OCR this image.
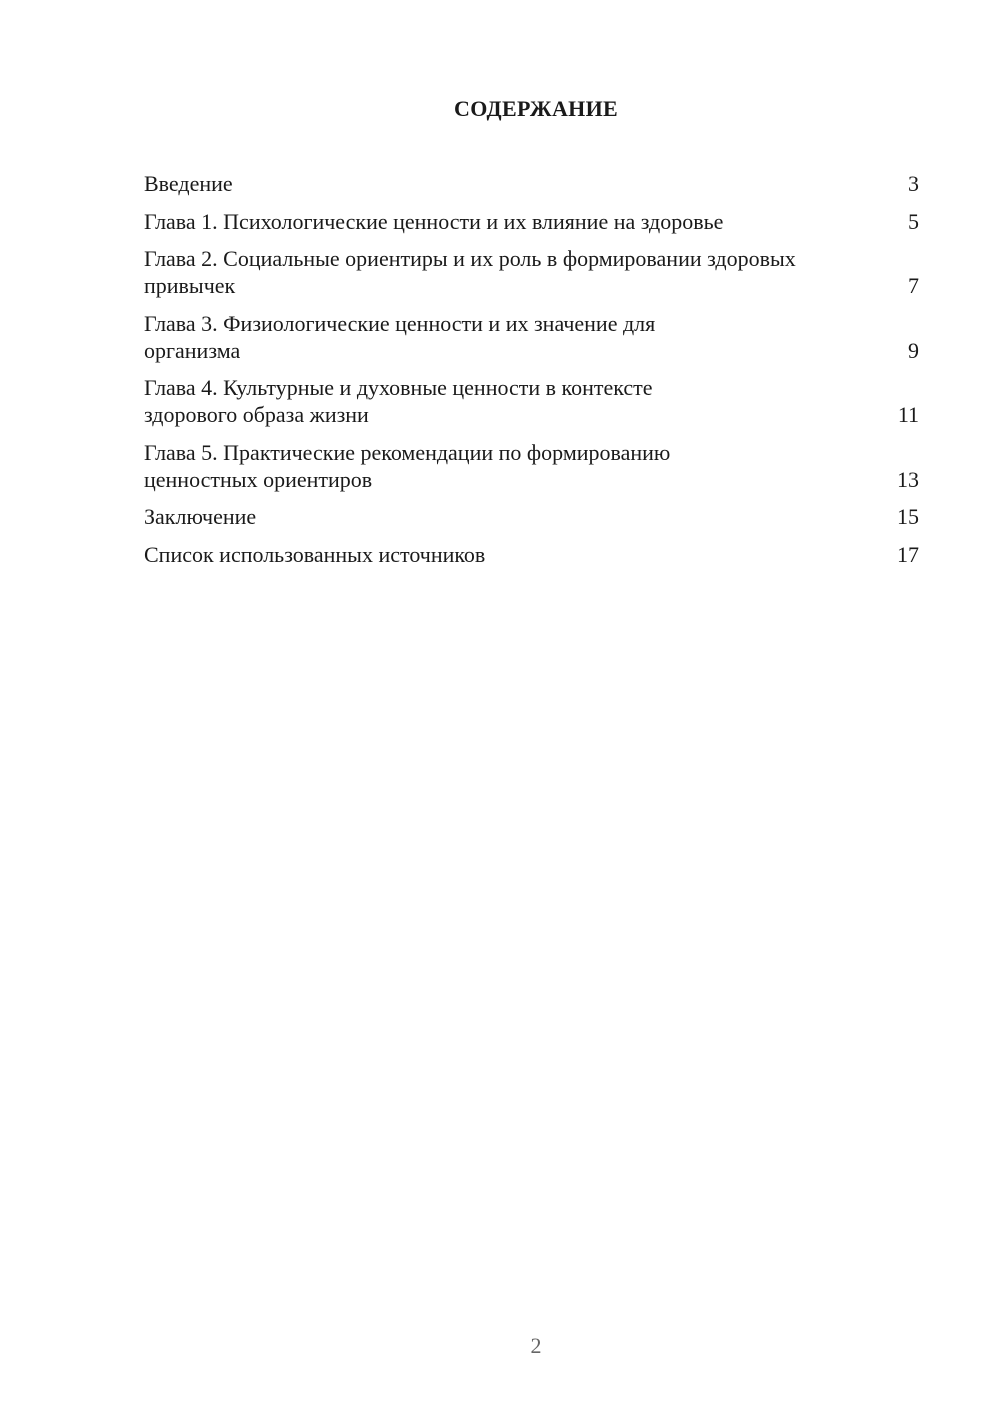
СОДЕРЖАНИЕ
Введение	3
Глава 1. Психологические ценности и их влияние на здоровье	5
Глава 2. Социальные ориентиры и их роль в формировании здоровых привычек	7
Глава 3. Физиологические ценности и их значение для организма	9
Глава 4. Культурные и духовные ценности в контексте здорового образа жизни	11
Глава 5. Практические рекомендации по формированию ценностных ориентиров	13
Заключение	15
Список использованных источников	17
2
